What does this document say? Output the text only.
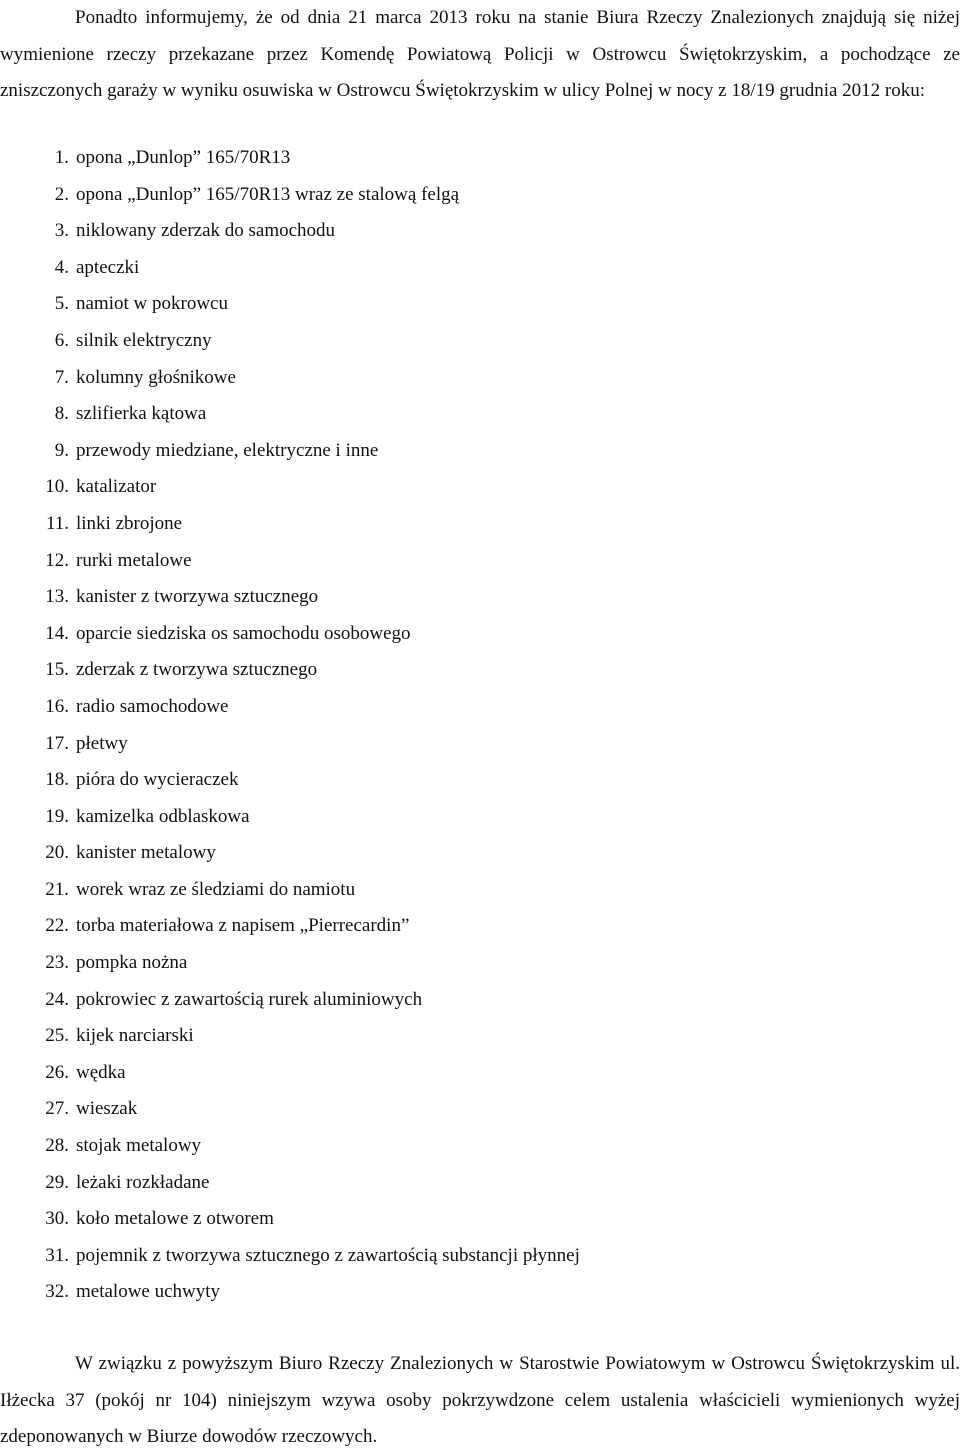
Ponadto informujemy, że od dnia 21 marca 2013 roku na stanie Biura Rzeczy Znalezionych znajdują się niżej wymienione rzeczy przekazane przez Komendę Powiatową Policji w Ostrowcu Świętokrzyskim, a pochodzące ze zniszczonych garaży w wyniku osuwiska w Ostrowcu Świętokrzyskim w ulicy Polnej w nocy z 18/19 grudnia 2012 roku:

1. opona „Dunlop” 165/70R13
2. opona „Dunlop” 165/70R13 wraz ze stalową felgą
3. niklowany zderzak do samochodu
4. apteczki
5. namiot w pokrowcu
6. silnik elektryczny
7. kolumny głośnikowe
8. szlifierka kątowa
9. przewody miedziane, elektryczne i inne
10. katalizator
11. linki zbrojone
12. rurki metalowe
13. kanister z tworzywa sztucznego
14. oparcie siedziska os samochodu osobowego
15. zderzak z tworzywa sztucznego
16. radio samochodowe
17. płetwy
18. pióra do wycieraczek
19. kamizelka odblaskowa
20. kanister metalowy
21. worek wraz ze śledziami do namiotu
22. torba materiałowa z napisem „Pierrecardin”
23. pompka nożna
24. pokrowiec z zawartością rurek aluminiowych
25. kijek narciarski
26. wędka
27. wieszak
28. stojak metalowy
29. leżaki rozkładane
30. koło metalowe z otworem
31. pojemnik z tworzywa sztucznego z zawartością substancji płynnej
32. metalowe uchwyty

W związku z powyższym Biuro Rzeczy Znalezionych w Starostwie Powiatowym w Ostrowcu Świętokrzyskim ul. Iłżecka 37 (pokój nr 104) niniejszym wzywa osoby pokrzywdzone celem ustalenia właścicieli wymienionych wyżej zdeponowanych w Biurze dowodów rzeczowych.
